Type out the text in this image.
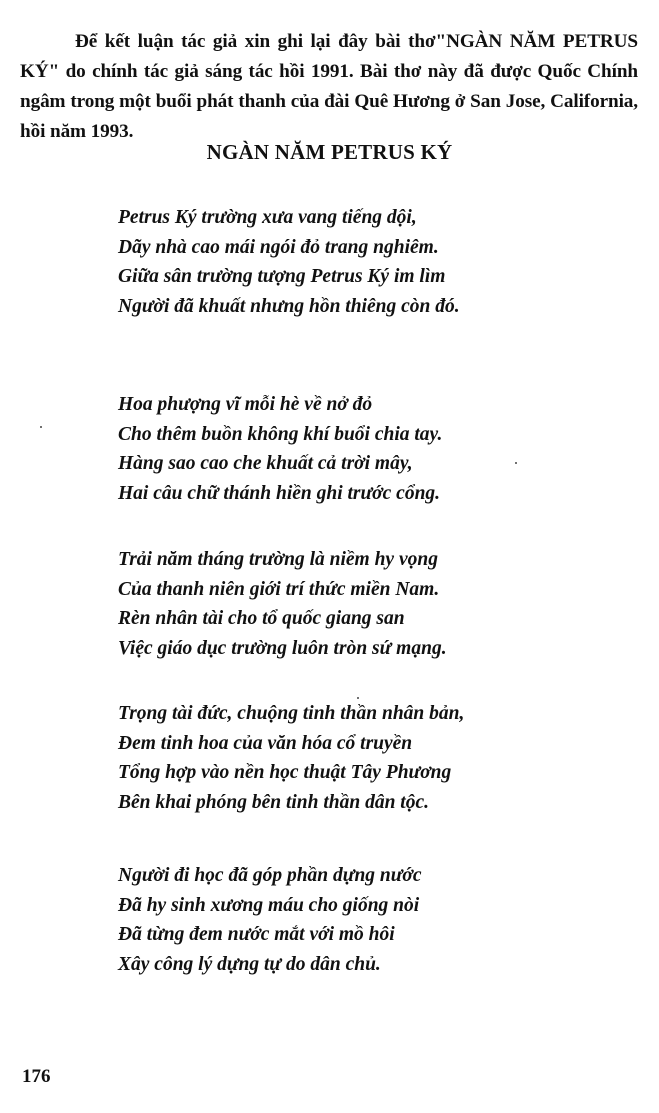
Để kết luận tác giả xin ghi lại đây bài thơ"NGÀN NĂM PETRUS KÝ" do chính tác giả sáng tác hồi 1991. Bài thơ này đã được Quốc Chính ngâm trong một buổi phát thanh của đài Quê Hương ở San Jose, California, hồi năm 1993.

NGÀN NĂM PETRUS KÝ
Petrus Ký trường xưa vang tiếng dội,
Dãy nhà cao mái ngói đỏ trang nghiêm.
Giữa sân trường tượng Petrus Ký im lìm
Người đã khuất nhưng hồn thiêng còn đó.
Hoa phượng vĩ mỗi hè về nở đỏ
Cho thêm buồn không khí buổi chia tay.
Hàng sao cao che khuất cả trời mây,
Hai câu chữ thánh hiền ghi trước cổng.
Trải năm tháng trường là niềm hy vọng
Của thanh niên giới trí thức miền Nam.
Rèn nhân tài cho tổ quốc giang san
Việc giáo dục trường luôn tròn sứ mạng.
Trọng tài đức, chuộng tinh thần nhân bản,
Đem tinh hoa của văn hóa cổ truyền
Tổng hợp vào nền học thuật Tây Phương
Bên khai phóng bên tinh thần dân tộc.
Người đi học đã góp phần dựng nước
Đã hy sinh xương máu cho giống nòi
Đã từng đem nước mắt với mồ hôi
Xây công lý dựng tự do dân chủ.
176
